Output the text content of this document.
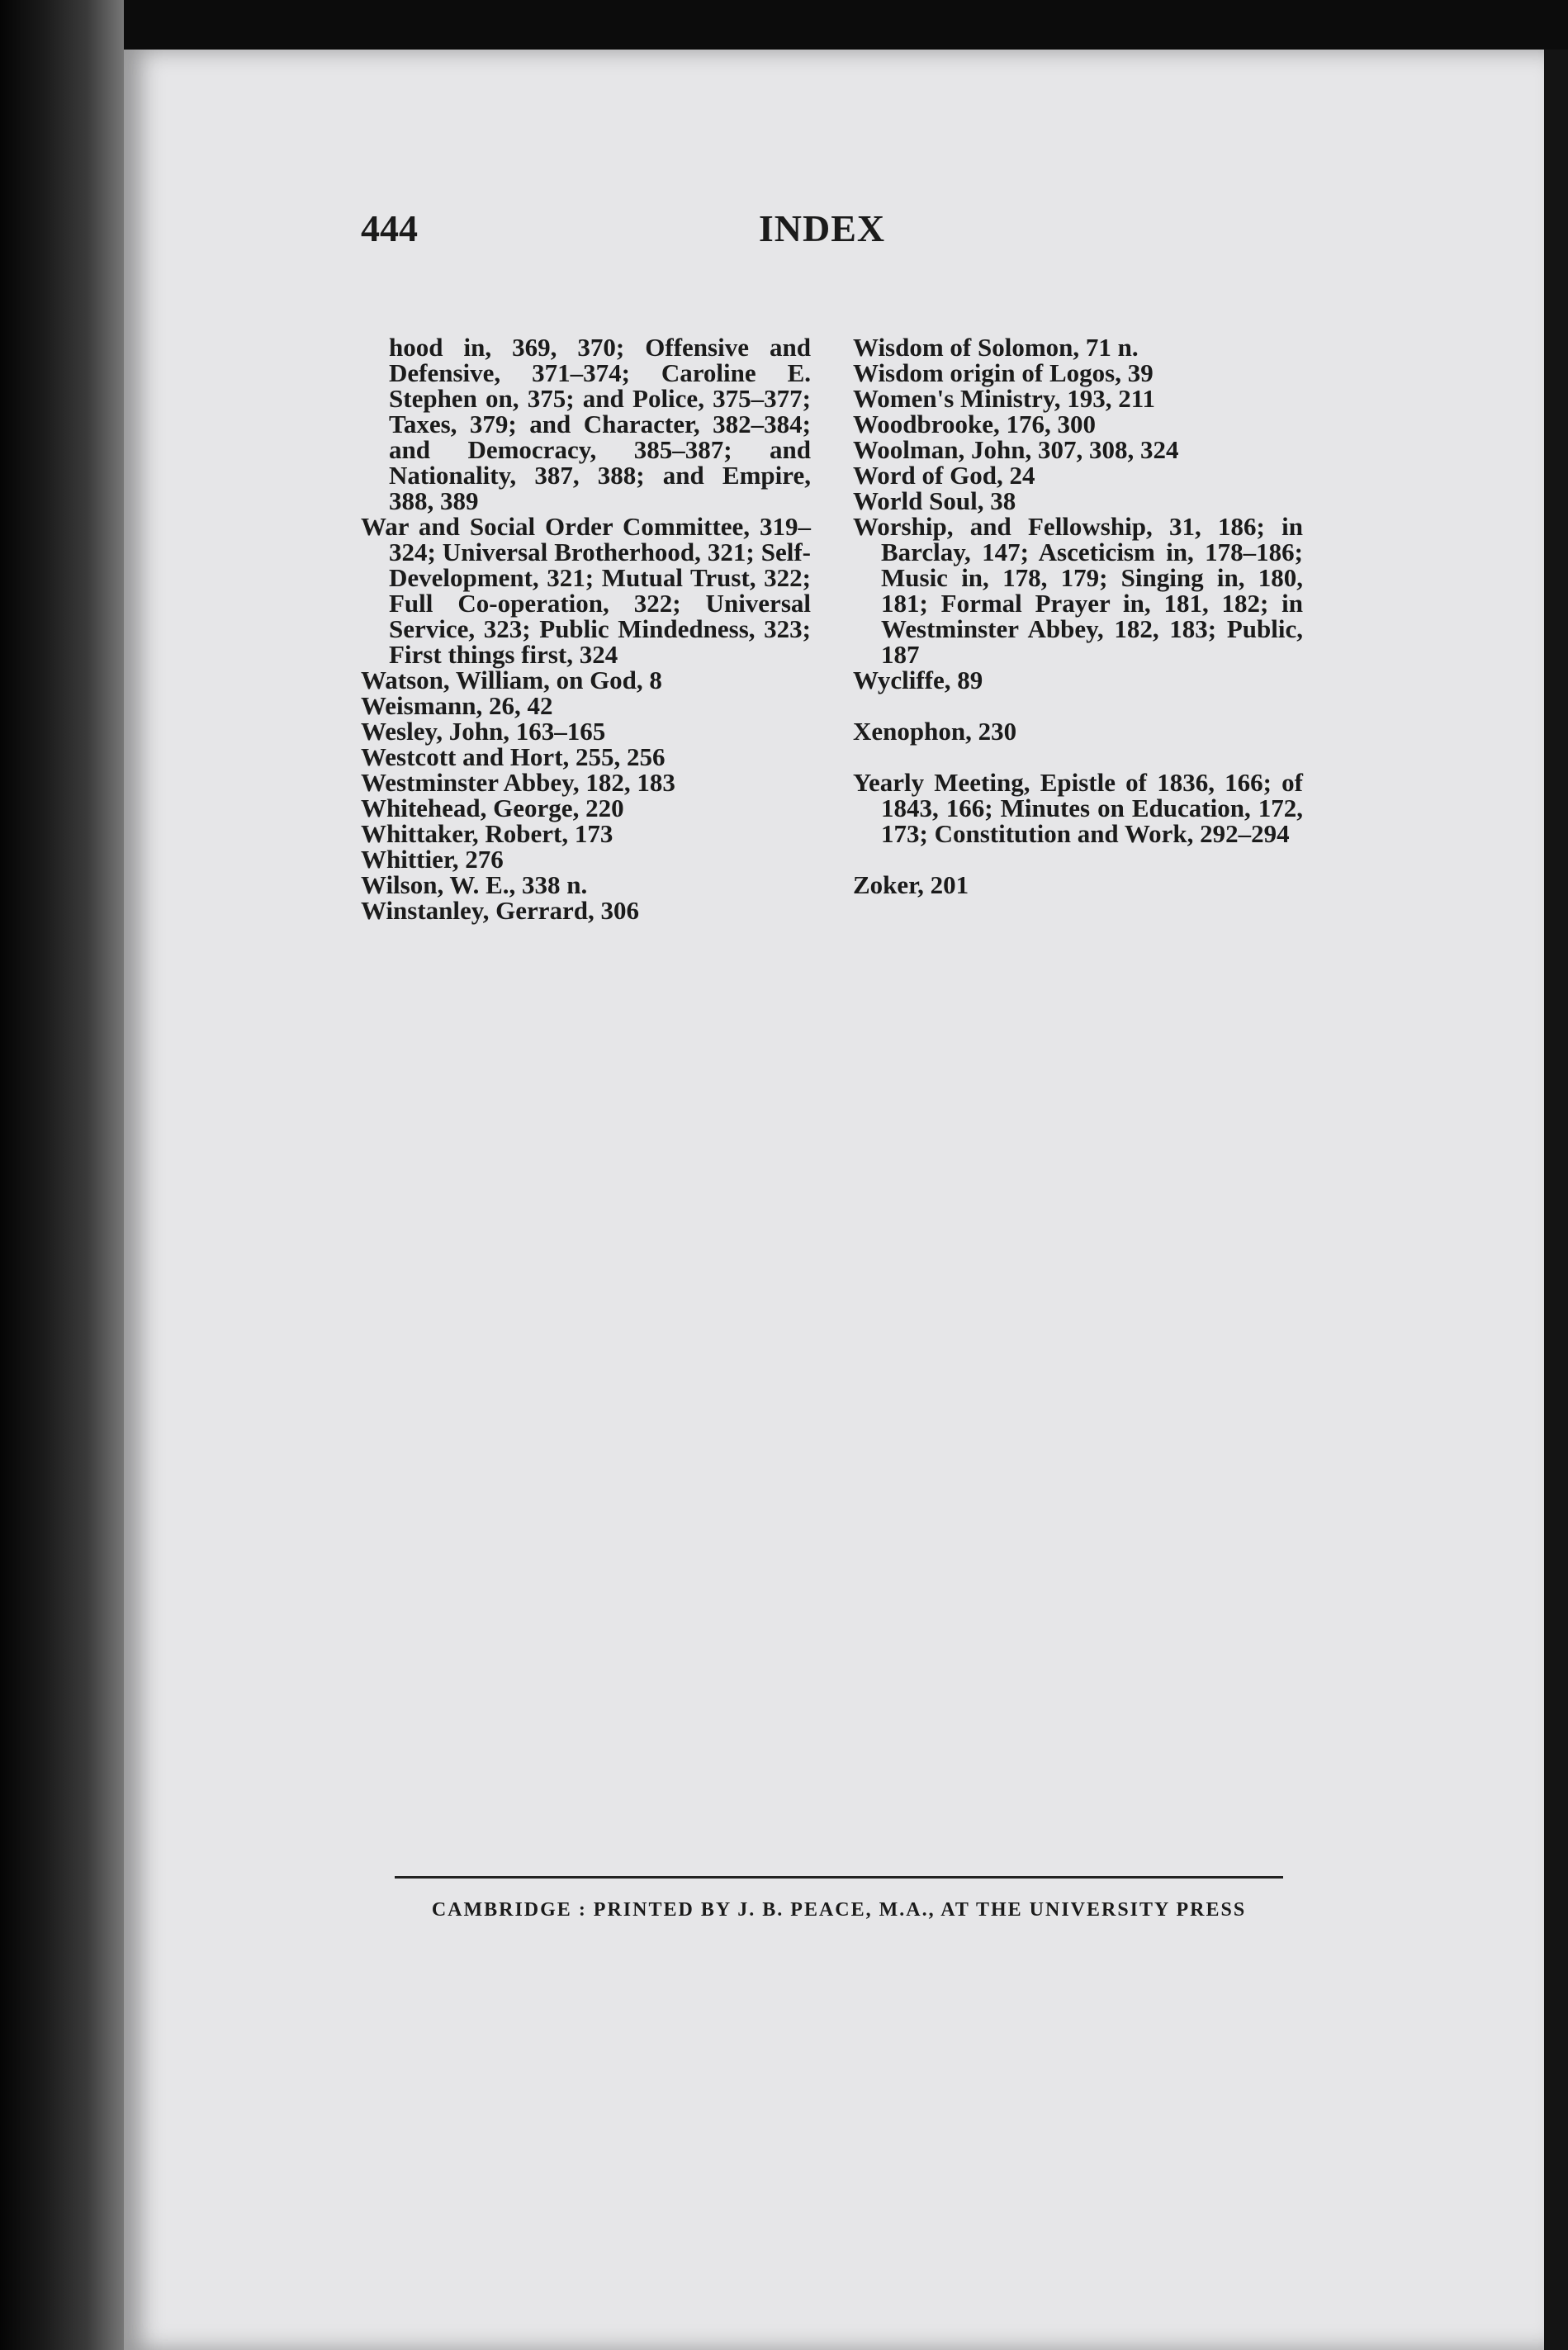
INDEX
444

hood in, 369, 370; Offensive and Defensive, 371–374; Caroline E. Stephen on, 375; and Police, 375–377; Taxes, 379; and Character, 382–384; and Democracy, 385–387; and Nationality, 387, 388; and Empire, 388, 389

War and Social Order Committee, 319–324; Universal Brotherhood, 321; Self-Development, 321; Mutual Trust, 322; Full Co-operation, 322; Universal Service, 323; Public Mindedness, 323; First things first, 324

Watson, William, on God, 8

Weismann, 26, 42

Wesley, John, 163–165

Westcott and Hort, 255, 256

Westminster Abbey, 182, 183

Whitehead, George, 220

Whittaker, Robert, 173

Whittier, 276

Wilson, W. E., 338 n.

Winstanley, Gerrard, 306

Wisdom of Solomon, 71 n.

Wisdom origin of Logos, 39

Women's Ministry, 193, 211

Woodbrooke, 176, 300

Woolman, John, 307, 308, 324

Word of God, 24

World Soul, 38

Worship, and Fellowship, 31, 186; in Barclay, 147; Asceticism in, 178–186; Music in, 178, 179; Singing in, 180, 181; Formal Prayer in, 181, 182; in Westminster Abbey, 182, 183; Public, 187

Wycliffe, 89

Xenophon, 230

Yearly Meeting, Epistle of 1836, 166; of 1843, 166; Minutes on Education, 172, 173; Constitution and Work, 292–294

Zoker, 201

CAMBRIDGE : PRINTED BY J. B. PEACE, M.A., AT THE UNIVERSITY PRESS
